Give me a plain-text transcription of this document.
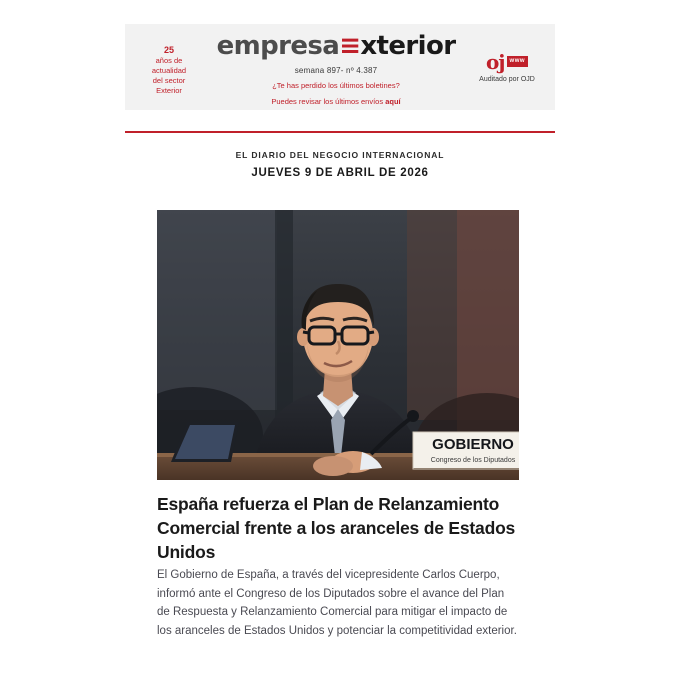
25
años de
actualidad
del sector
Exterior
empresa≡xterior
semana 897- nº 4.387
¿Te has perdido los últimos boletines?
Puedes revisar los últimos envíos aquí
oj www
Auditado por OJD
EL DIARIO DEL NEGOCIO INTERNACIONAL
JUEVES 9 DE ABRIL DE 2026
GOBIERNO
Congreso de los Diputados
España refuerza el Plan de Relanzamiento Comercial frente a los aranceles de Estados Unidos
El Gobierno de España, a través del vicepresidente Carlos Cuerpo, informó ante el Congreso de los Diputados sobre el avance del Plan de Respuesta y Relanzamiento Comercial para mitigar el impacto de los aranceles de Estados Unidos y potenciar la competitividad exterior.
